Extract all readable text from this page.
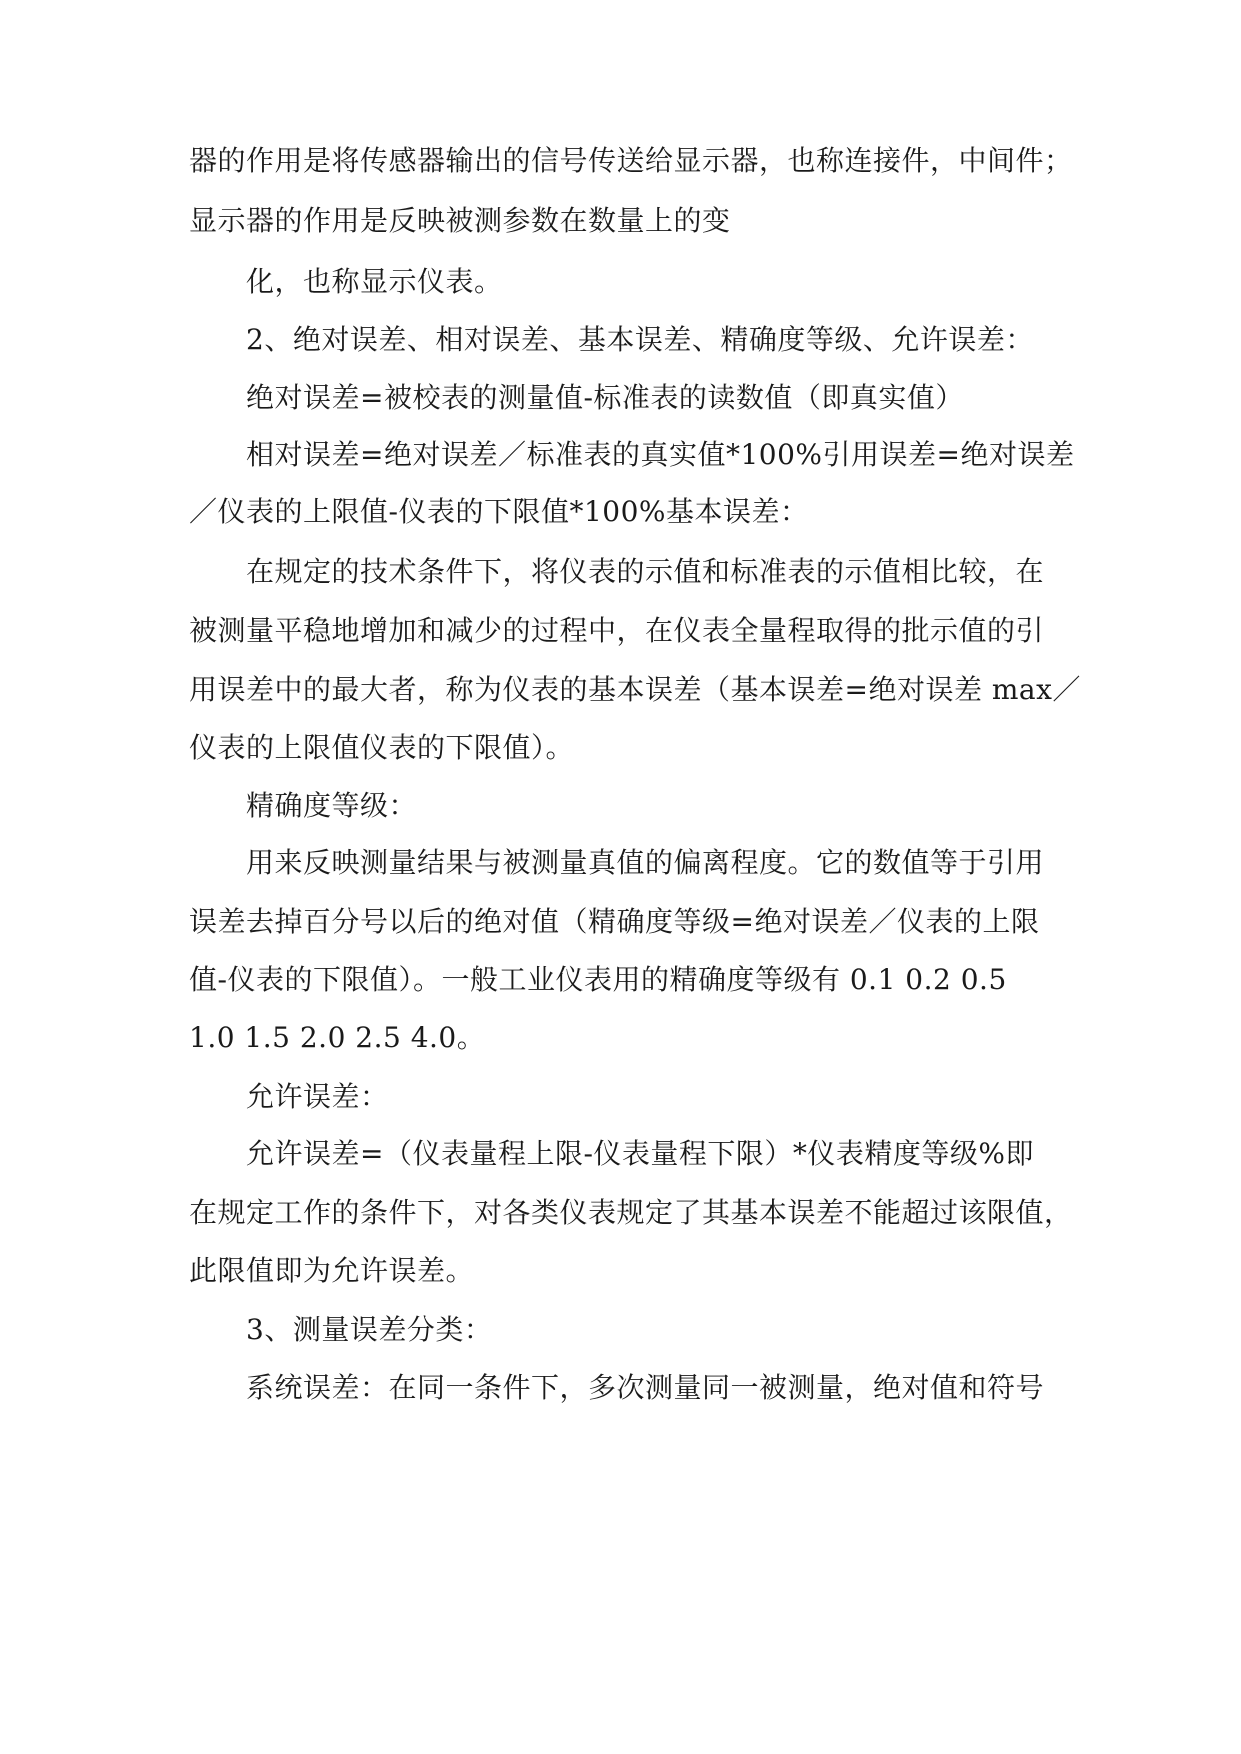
器的作用是将传感器输出的信号传送给显示器，也称连接件，中间件；
显示器的作用是反映被测参数在数量上的变
化，也称显示仪表。
2、绝对误差、相对误差、基本误差、精确度等级、允许误差：
绝对误差=被校表的测量值-标准表的读数值（即真实值）
相对误差=绝对误差／标准表的真实值*100%引用误差=绝对误差
／仪表的上限值-仪表的下限值*100%基本误差：
在规定的技术条件下，将仪表的示值和标准表的示值相比较，在
被测量平稳地增加和减少的过程中，在仪表全量程取得的批示值的引
用误差中的最大者，称为仪表的基本误差（基本误差=绝对误差 max／
仪表的上限值仪表的下限值）。
精确度等级：
用来反映测量结果与被测量真值的偏离程度。它的数值等于引用
误差去掉百分号以后的绝对值（精确度等级=绝对误差／仪表的上限
值-仪表的下限值）。一般工业仪表用的精确度等级有 0.1 0.2 0.5
1.0 1.5 2.0 2.5 4.0。
允许误差：
允许误差=（仪表量程上限-仪表量程下限）*仪表精度等级%即
在规定工作的条件下，对各类仪表规定了其基本误差不能超过该限值，
此限值即为允许误差。
3、测量误差分类：
系统误差：在同一条件下，多次测量同一被测量，绝对值和符号
